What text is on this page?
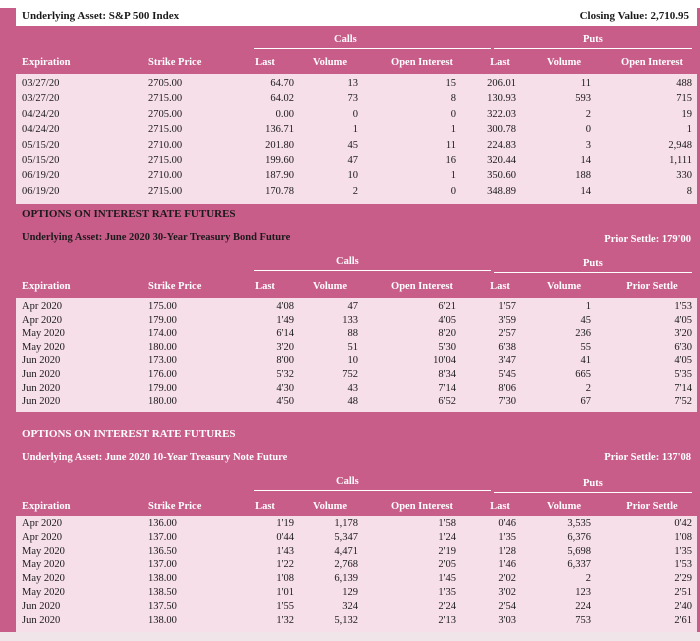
Underlying Asset: S&P 500 Index	Closing Value: 2,710.95
Calls	Puts
Expiration	Strike Price	Last	Volume	Open Interest	Last	Volume	Open Interest
03/27/20	2705.00	64.70	13	15	206.01	11	488
03/27/20	2715.00	64.02	73	8	130.93	593	715
04/24/20	2705.00	0.00	0	0	322.03	2	19
04/24/20	2715.00	136.71	1	1	300.78	0	1
05/15/20	2710.00	201.80	45	11	224.83	3	2,948
05/15/20	2715.00	199.60	47	16	320.44	14	1,111
06/19/20	2710.00	187.90	10	1	350.60	188	330
06/19/20	2715.00	170.78	2	0	348.89	14	8
OPTIONS ON INTEREST RATE FUTURES
Underlying Asset: June 2020 30-Year Treasury Bond Future	Prior Settle: 179'00
Calls	Puts
Expiration	Strike Price	Last	Volume	Open Interest	Last	Volume	Prior Settle
Apr 2020	175.00	4'08	47	6'21	1'57	1	1'53
Apr 2020	179.00	1'49	133	4'05	3'59	45	4'05
May 2020	174.00	6'14	88	8'20	2'57	236	3'20
May 2020	180.00	3'20	51	5'30	6'38	55	6'30
Jun 2020	173.00	8'00	10	10'04	3'47	41	4'05
Jun 2020	176.00	5'32	752	8'34	5'45	665	5'35
Jun 2020	179.00	4'30	43	7'14	8'06	2	7'14
Jun 2020	180.00	4'50	48	6'52	7'30	67	7'52
OPTIONS ON INTEREST RATE FUTURES
Underlying Asset: June 2020 10-Year Treasury Note Future	Prior Settle: 137'08
Calls	Puts
Expiration	Strike Price	Last	Volume	Open Interest	Last	Volume	Prior Settle
Apr 2020	136.00	1'19	1,178	1'58	0'46	3,535	0'42
Apr 2020	137.00	0'44	5,347	1'24	1'35	6,376	1'08
May 2020	136.50	1'43	4,471	2'19	1'28	5,698	1'35
May 2020	137.00	1'22	2,768	2'05	1'46	6,337	1'53
May 2020	138.00	1'08	6,139	1'45	2'02	2	2'29
May 2020	138.50	1'01	129	1'35	3'02	123	2'51
Jun 2020	137.50	1'55	324	2'24	2'54	224	2'40
Jun 2020	138.00	1'32	5,132	2'13	3'03	753	2'61
